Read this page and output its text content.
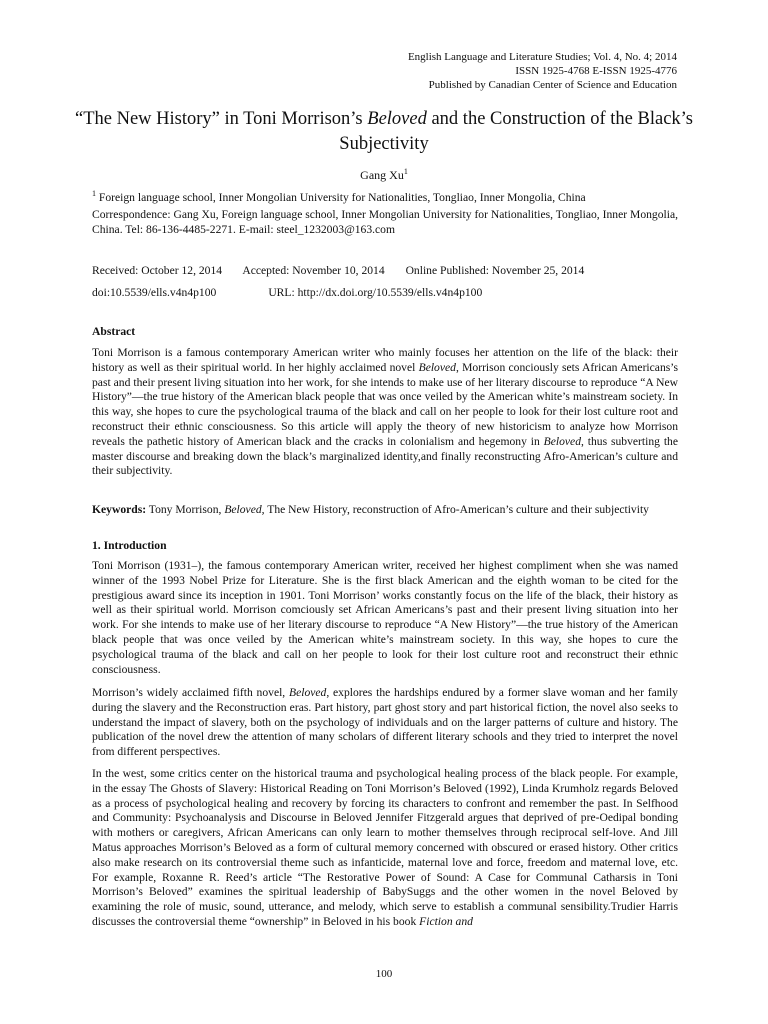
English Language and Literature Studies; Vol. 4, No. 4; 2014
ISSN 1925-4768 E-ISSN 1925-4776
Published by Canadian Center of Science and Education
“The New History” in Toni Morrison’s Beloved and the Construction of the Black’s Subjectivity
Gang Xu$^1$
$^1$ Foreign language school, Inner Mongolian University for Nationalities, Tongliao, Inner Mongolia, China
Correspondence: Gang Xu, Foreign language school, Inner Mongolian University for Nationalities, Tongliao, Inner Mongolia, China. Tel: 86-136-4485-2271. E-mail: steel_1232003@163.com
Received: October 12, 2014 Accepted: November 10, 2014 Online Published: November 25, 2014
doi:10.5539/ells.v4n4p100	URL: http://dx.doi.org/10.5539/ells.v4n4p100
Abstract

Toni Morrison is a famous contemporary American writer who mainly focuses her attention on the life of the black: their history as well as their spiritual world. In her highly acclaimed novel Beloved, Morrison conciously sets African Americans’s past and their present living situation into her work, for she intends to make use of her literary discourse to reproduce “A New History”—the true history of the American black people that was once veiled by the American white’s mainstream society. In this way, she hopes to cure the psychological trauma of the black and call on her people to look for their lost culture root and reconstruct their ethnic consciousness. So this article will apply the theory of new historicism to analyze how Morrison reveals the pathetic history of American black and the cracks in colonialism and hegemony in Beloved, thus subverting the master discourse and breaking down the black’s marginalized identity,and finally reconstructing Afro-American’s culture and their subjectivity.

Keywords: Tony Morrison, Beloved, The New History, reconstruction of Afro-American’s culture and their subjectivity

1. Introduction

Toni Morrison (1931–), the famous contemporary American writer, received her highest compliment when she was named winner of the 1993 Nobel Prize for Literature. She is the first black American and the eighth woman to be cited for the prestigious award since its inception in 1901. Toni Morrison’ works constantly focus on the life of the black, their history as well as their spiritual world. Morrison comciously set African Americans’s past and their present living situation into her work. For she intends to make use of her literary discourse to reproduce “A New History”—the true history of the American black people that was once veiled by the American white’s mainstream society. In this way, she hopes to cure the psychological trauma of the black and call on her people to look for their lost culture root and reconstruct their ethnic consciousness.

Morrison’s widely acclaimed fifth novel, Beloved, explores the hardships endured by a former slave woman and her family during the slavery and the Reconstruction eras. Part history, part ghost story and part historical fiction, the novel also seeks to understand the impact of slavery, both on the psychology of individuals and on the larger patterns of culture and history. The publication of the novel drew the attention of many scholars of different literary schools and they tried to interpret the novel from different perspectives.

In the west, some critics center on the historical trauma and psychological healing process of the black people. For example, in the essay The Ghosts of Slavery: Historical Reading on Toni Morrison’s Beloved (1992), Linda Krumholz regards Beloved as a process of psychological healing and recovery by forcing its characters to confront and remember the past. In Selfhood and Community: Psychoanalysis and Discourse in Beloved Jennifer Fitzgerald argues that deprived of pre-Oedipal bonding with mothers or caregivers, African Americans can only learn to mother themselves through reciprocal self-love. And Jill Matus approaches Morrison’s Beloved as a form of cultural memory concerned with obscured or erased history. Other critics also make research on its controversial theme such as infanticide, maternal love and force, freedom and maternal love, etc. For example, Roxanne R. Reed’s article “The Restorative Power of Sound: A Case for Communal Catharsis in Toni Morrison’s Beloved” examines the spiritual leadership of BabySuggs and the other women in the novel Beloved by examining the role of music, sound, utterance, and melody, which serve to establish a communal sensibility.Trudier Harris discusses the controversial theme “ownership” in Beloved in his book Fiction and

100
